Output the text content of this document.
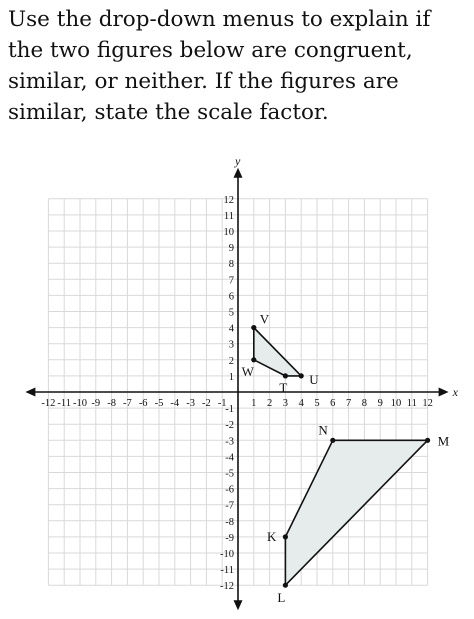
Use the drop-down menus to explain if the two figures below are congruent, similar, or neither. If the figures are similar, state the scale factor.

x
y
-12 -11 -10 -9 -8 -7 -6 -5 -4 -3 -2 -1 1 2 3 4 5 6 7 8 9 10 11 12
12
11
10
9
8
7
6
5
4
3
2
1
-1
-2
-3
-4
-5
-6
-7
-8
-9
-10
-11
-12
V
U
T
W
N
M
L
K
